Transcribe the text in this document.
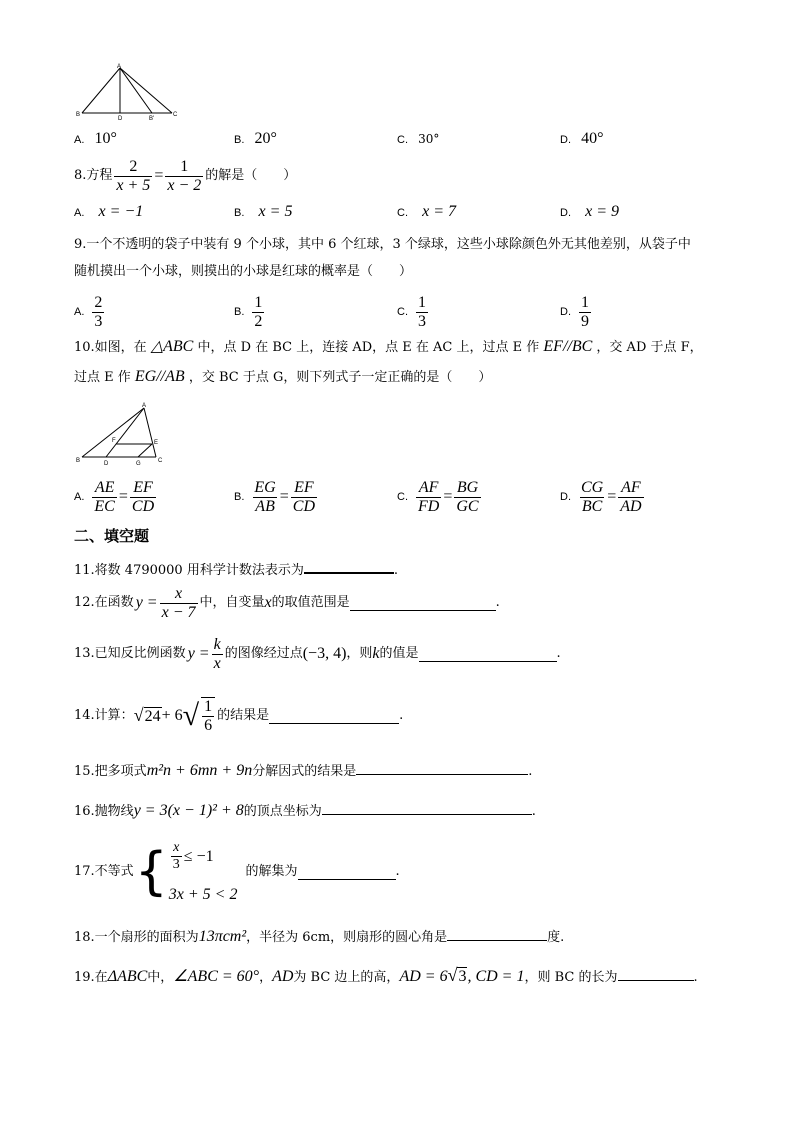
A
B
D	B'
C
A. 10°	B. 20°	C. 30°	D. 40°
8.方程 $\frac{2}{x + 5} = \frac{1}{x - 2}$ 的解是（　　）
A. x = −1	B. x = 5	C. x = 7	D. x = 9
9.一个不透明的袋子中装有 9 个小球，其中 6 个红球，3 个绿球，这些小球除颜色外无其他差别，从袋子中
随机摸出一个小球，则摸出的小球是红球的概率是（　　）
A. $\frac{2}{3}$	B. $\frac{1}{2}$	C. $\frac{1}{3}$	D. $\frac{1}{9}$
10.如图，在 △ABC 中，点 D 在 BC 上，连接 AD，点 E 在 AC 上，过点 E 作 EF//BC ，交 AD 于点 F，
过点 E 作 EG//AB ，交 BC 于点 G，则下列式子一定正确的是（　　）
A
F	E
B	D	G	C
A. $\frac{AE}{EC} = \frac{EF}{CD}$	B. $\frac{EG}{AB} = \frac{EF}{CD}$	C. $\frac{AF}{FD} = \frac{BG}{GC}$	D. $\frac{CG}{BC} = \frac{AF}{AD}$
二、填空题
11.将数 4790000 用科学计数法表示为	.
12.在函数 $y = \frac{x}{x - 7}$ 中，自变量 x 的取值范围是	.
13.已知反比例函数 $y = \frac{k}{x}$ 的图像经过点 (−3, 4) ，则 k 的值是	.
14.计算： √24 + 6 √ $\frac{1}{6}$ 的结果是	.
15.把多项式m²n + 6mn + 9n分解因式的结果是	.
16.抛物线y = 3(x − 1)² + 8的顶点坐标为	.
17.不等式 { $\frac{x}{3} \le -1$
3x + 5 < 2
的解集为	.
18.一个扇形的面积为13πcm²，半径为 6cm，则扇形的圆心角是	度.
19.在ΔABC中，∠ABC = 60°，AD为 BC 边上的高，AD = 6√3, CD = 1，则 BC 的长为	.
